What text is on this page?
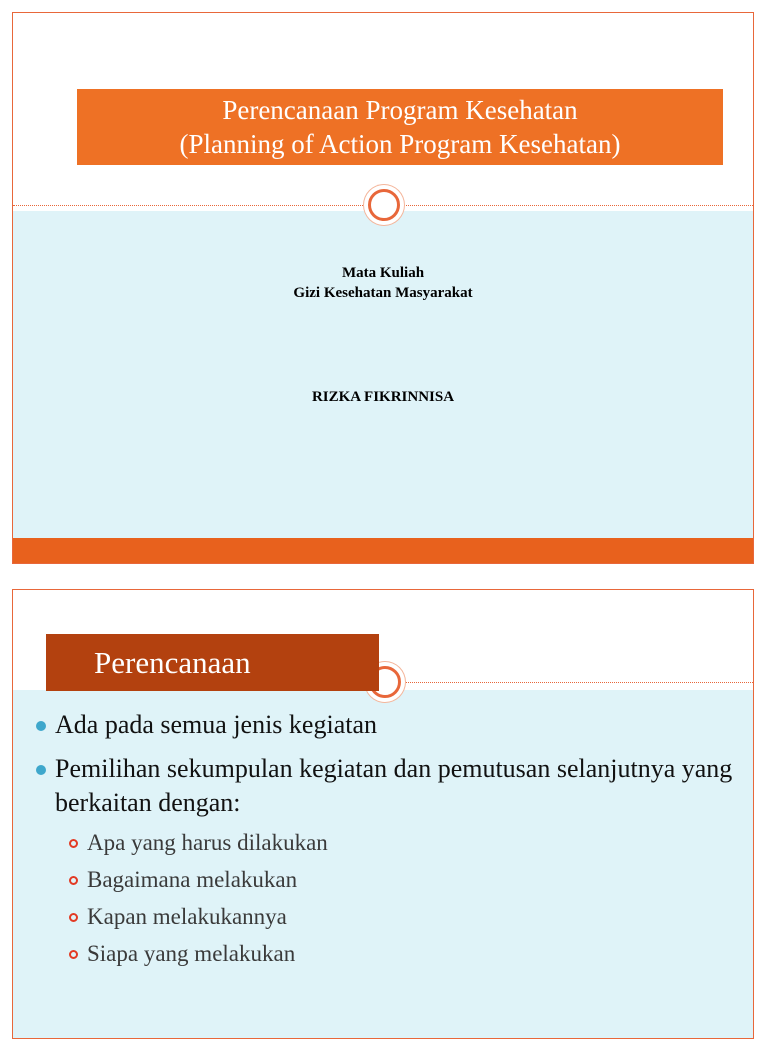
Perencanaan Program Kesehatan
(Planning of Action Program Kesehatan)
Mata Kuliah
Gizi Kesehatan Masyarakat
RIZKA FIKRINNISA
Perencanaan
Ada pada semua jenis kegiatan
Pemilihan sekumpulan kegiatan dan pemutusan selanjutnya yang berkaitan dengan:
Apa yang harus dilakukan
Bagaimana melakukan
Kapan melakukannya
Siapa yang melakukan
